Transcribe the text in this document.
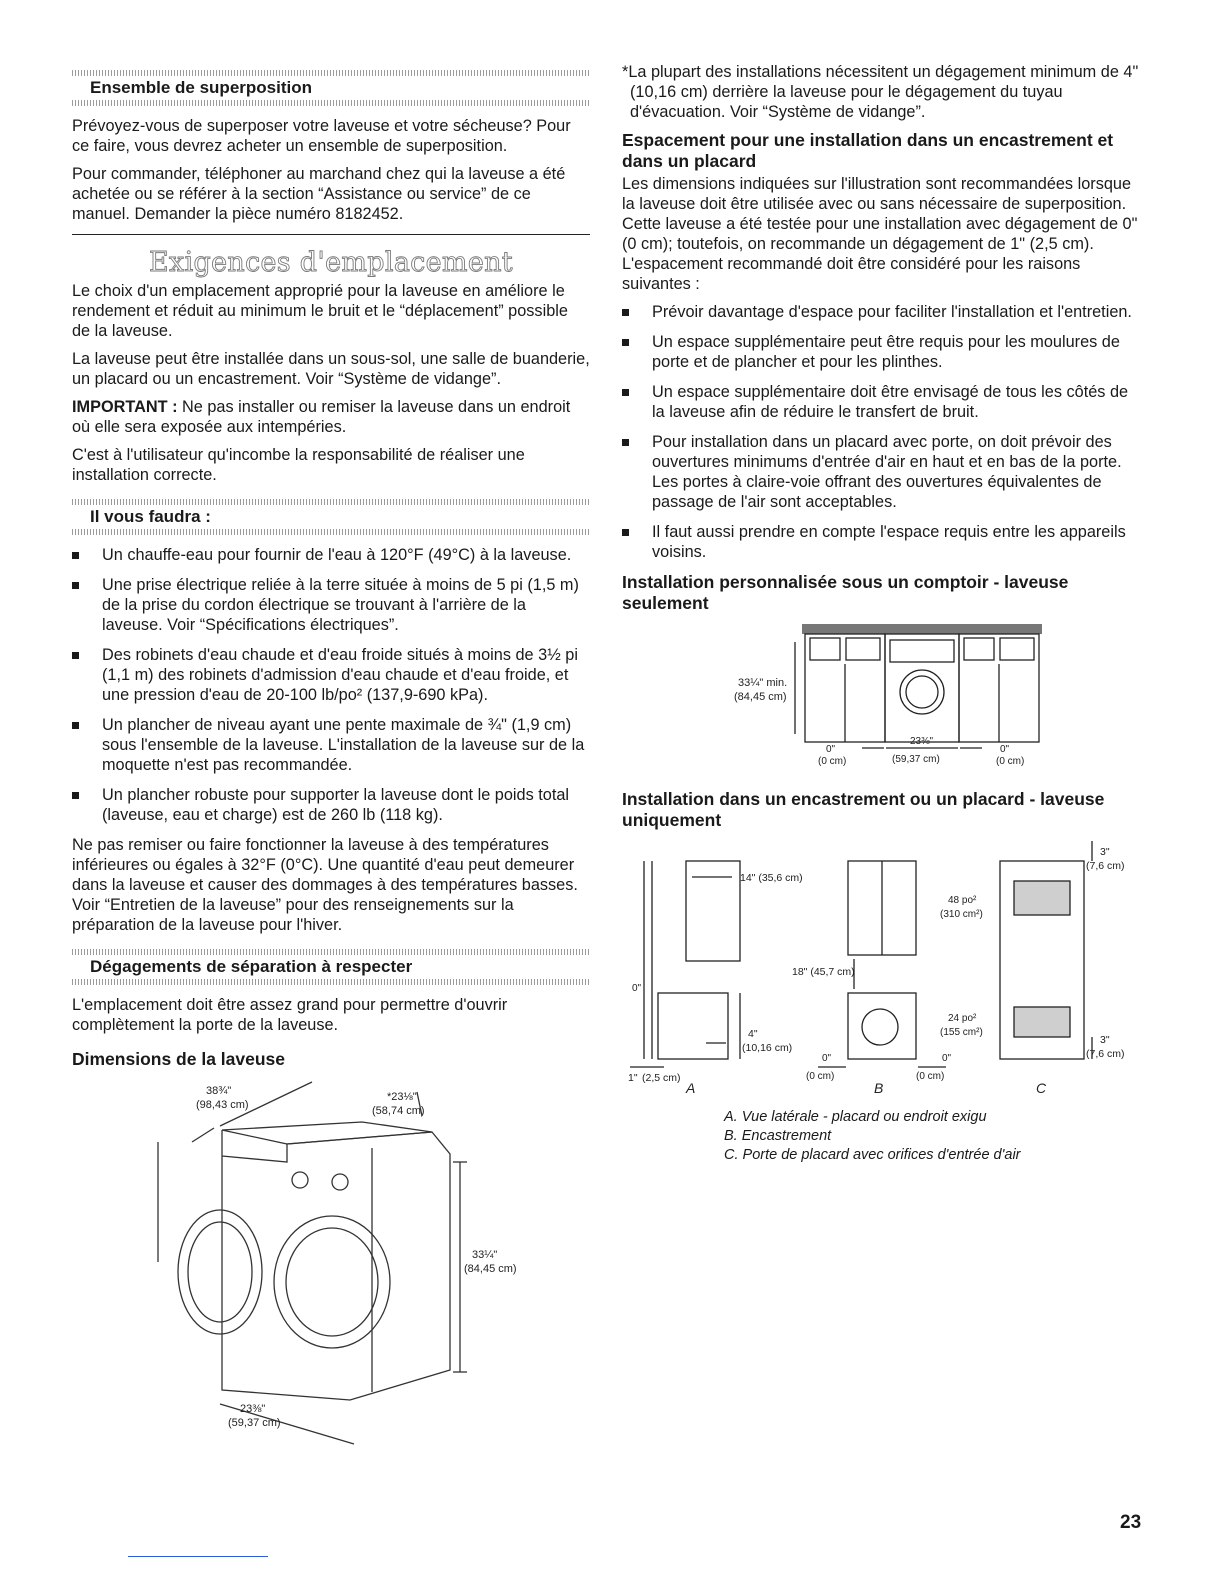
Ensemble de superposition

Prévoyez-vous de superposer votre laveuse et votre sécheuse? Pour ce faire, vous devrez acheter un ensemble de superposition.

Pour commander, téléphoner au marchand chez qui la laveuse a été achetée ou se référer à la section “Assistance ou service” de ce manuel. Demander la pièce numéro 8182452.

Exigences d'emplacement

Le choix d'un emplacement approprié pour la laveuse en améliore le rendement et réduit au minimum le bruit et le “déplacement” possible de la laveuse.

La laveuse peut être installée dans un sous-sol, une salle de buanderie, un placard ou un encastrement. Voir “Système de vidange”.

IMPORTANT : Ne pas installer ou remiser la laveuse dans un endroit où elle sera exposée aux intempéries.

C'est à l'utilisateur qu'incombe la responsabilité de réaliser une installation correcte.

Il vous faudra :
Un chauffe-eau pour fournir de l'eau à 120°F (49°C) à la laveuse.
Une prise électrique reliée à la terre située à moins de 5 pi (1,5 m) de la prise du cordon électrique se trouvant à l'arrière de la laveuse. Voir “Spécifications électriques”.
Des robinets d'eau chaude et d'eau froide situés à moins de 3½ pi (1,1 m) des robinets d'admission d'eau chaude et d'eau froide, et une pression d'eau de 20-100 lb/po² (137,9-690 kPa).
Un plancher de niveau ayant une pente maximale de ¾" (1,9 cm) sous l'ensemble de la laveuse. L'installation de la laveuse sur de la moquette n'est pas recommandée.
Un plancher robuste pour supporter la laveuse dont le poids total (laveuse, eau et charge) est de 260 lb (118 kg).

Ne pas remiser ou faire fonctionner la laveuse à des températures inférieures ou égales à 32°F (0°C). Une quantité d'eau peut demeurer dans la laveuse et causer des dommages à des températures basses. Voir “Entretien de la laveuse” pour des renseignements sur la préparation de la laveuse pour l'hiver.

Dégagements de séparation à respecter

L'emplacement doit être assez grand pour permettre d'ouvrir complètement la porte de la laveuse.

Dimensions de la laveuse
38¾"
(98,43 cm)
*23⅛"
(58,74 cm)
33¼"
(84,45 cm)
23⅜"
(59,37 cm)

*La plupart des installations nécessitent un dégagement minimum de 4" (10,16 cm) derrière la laveuse pour le dégagement du tuyau d'évacuation. Voir “Système de vidange”.

Espacement pour une installation dans un encastrement et dans un placard

Les dimensions indiquées sur l'illustration sont recommandées lorsque la laveuse doit être utilisée avec ou sans nécessaire de superposition. Cette laveuse a été testée pour une installation avec dégagement de 0" (0 cm); toutefois, on recommande un dégagement de 1" (2,5 cm). L'espacement recommandé doit être considéré pour les raisons suivantes :

Prévoir davantage d'espace pour faciliter l'installation et l'entretien.
Un espace supplémentaire peut être requis pour les moulures de porte et de plancher et pour les plinthes.
Un espace supplémentaire doit être envisagé de tous les côtés de la laveuse afin de réduire le transfert de bruit.
Pour installation dans un placard avec porte, on doit prévoir des ouvertures minimums d'entrée d'air en haut et en bas de la porte. Les portes à claire-voie offrant des ouvertures équivalentes de passage de l'air sont acceptables.
Il faut aussi prendre en compte l'espace requis entre les appareils voisins.
Installation personnalisée sous un comptoir - laveuse seulement
33¼" min.
(84,45 cm)
0"
(0 cm)
23⅜"
(59,37 cm)
0"
(0 cm)
Installation dans un encastrement ou un placard - laveuse uniquement
14" (35,6 cm)
0"
4"
(10,16 cm)
1" (2,5 cm)
18" (45,7 cm)
0"
(0 cm)
0"
(0 cm)
48 po²
(310 cm²)
24 po²
(155 cm²)
3"
(7,6 cm)
3"
(7,6 cm)
A	B	C

A. Vue latérale - placard ou endroit exigu

B. Encastrement

C. Porte de placard avec orifices d'entrée d'air

23
